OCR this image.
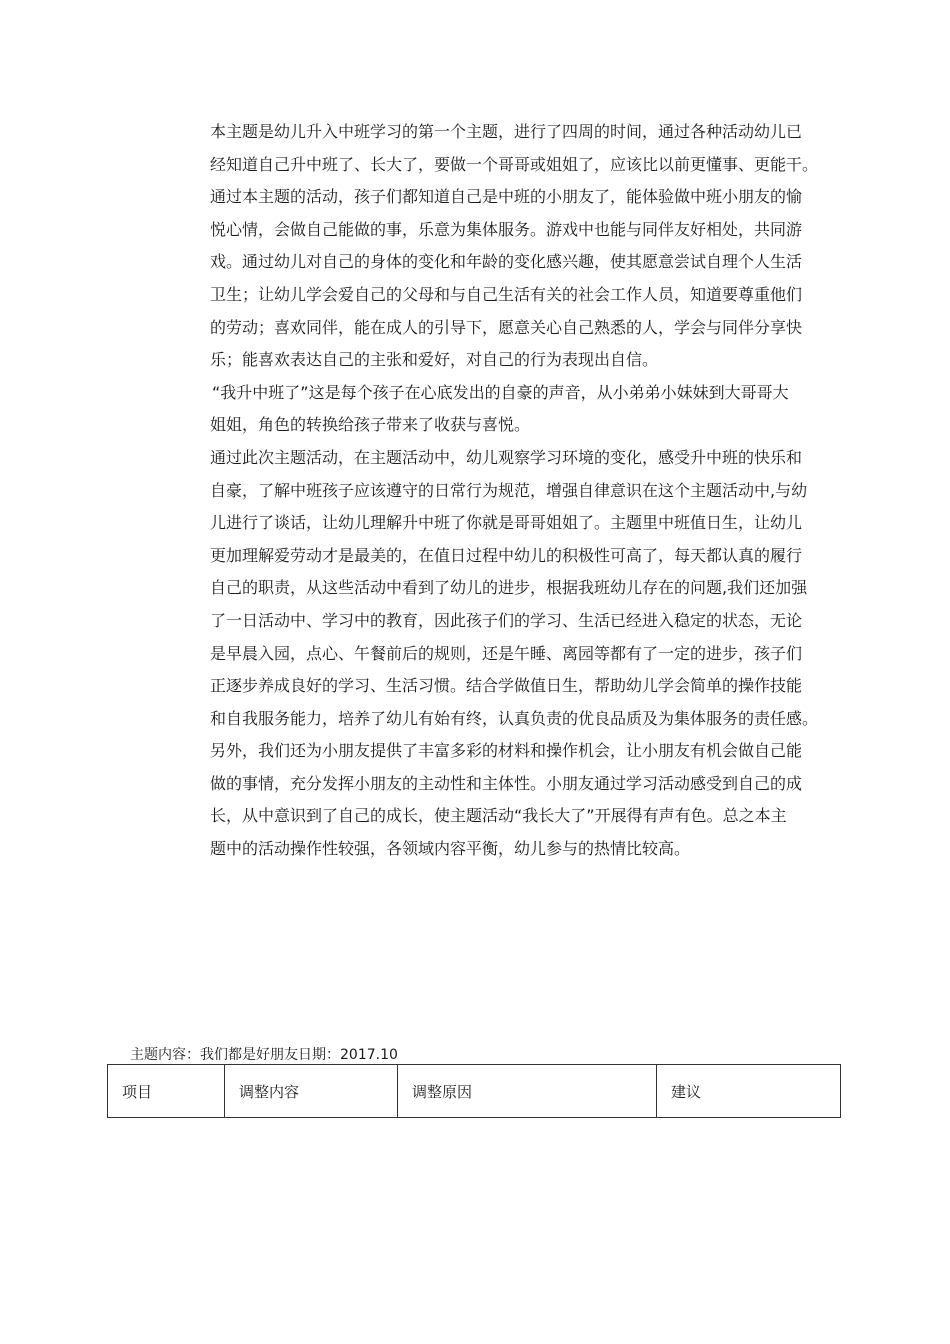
本主题是幼儿升入中班学习的第一个主题，进行了四周的时间，通过各种活动幼儿已
经知道自己升中班了、长大了，要做一个哥哥或姐姐了，应该比以前更懂事、更能干。
通过本主题的活动，孩子们都知道自己是中班的小朋友了，能体验做中班小朋友的愉
悦心情，会做自己能做的事，乐意为集体服务。游戏中也能与同伴友好相处，共同游
戏。通过幼儿对自己的身体的变化和年龄的变化感兴趣，使其愿意尝试自理个人生活
卫生；让幼儿学会爱自己的父母和与自己生活有关的社会工作人员，知道要尊重他们
的劳动；喜欢同伴，能在成人的引导下，愿意关心自己熟悉的人，学会与同伴分享快
乐；能喜欢表达自己的主张和爱好，对自己的行为表现出自信。
“我升中班了”这是每个孩子在心底发出的自豪的声音，从小弟弟小妹妹到大哥哥大
姐姐，角色的转换给孩子带来了收获与喜悦。
通过此次主题活动，在主题活动中，幼儿观察学习环境的变化，感受升中班的快乐和
自豪，了解中班孩子应该遵守的日常行为规范，增强自律意识在这个主题活动中,与幼
儿进行了谈话，让幼儿理解升中班了你就是哥哥姐姐了。主题里中班值日生，让幼儿
更加理解爱劳动才是最美的，在值日过程中幼儿的积极性可高了，每天都认真的履行
自己的职责，从这些活动中看到了幼儿的进步，根据我班幼儿存在的问题,我们还加强
了一日活动中、学习中的教育，因此孩子们的学习、生活已经进入稳定的状态，无论
是早晨入园，点心、午餐前后的规则，还是午睡、离园等都有了一定的进步，孩子们
正逐步养成良好的学习、生活习惯。结合学做值日生，帮助幼儿学会简单的操作技能
和自我服务能力，培养了幼儿有始有终，认真负责的优良品质及为集体服务的责任感。
另外，我们还为小朋友提供了丰富多彩的材料和操作机会，让小朋友有机会做自己能
做的事情，充分发挥小朋友的主动性和主体性。小朋友通过学习活动感受到自己的成
长，从中意识到了自己的成长，使主题活动“我长大了”开展得有声有色。总之本主
题中的活动操作性较强，各领域内容平衡，幼儿参与的热情比较高。
主题内容：我们都是好朋友日期：2017.10
项目	调整内容	调整原因	建议
